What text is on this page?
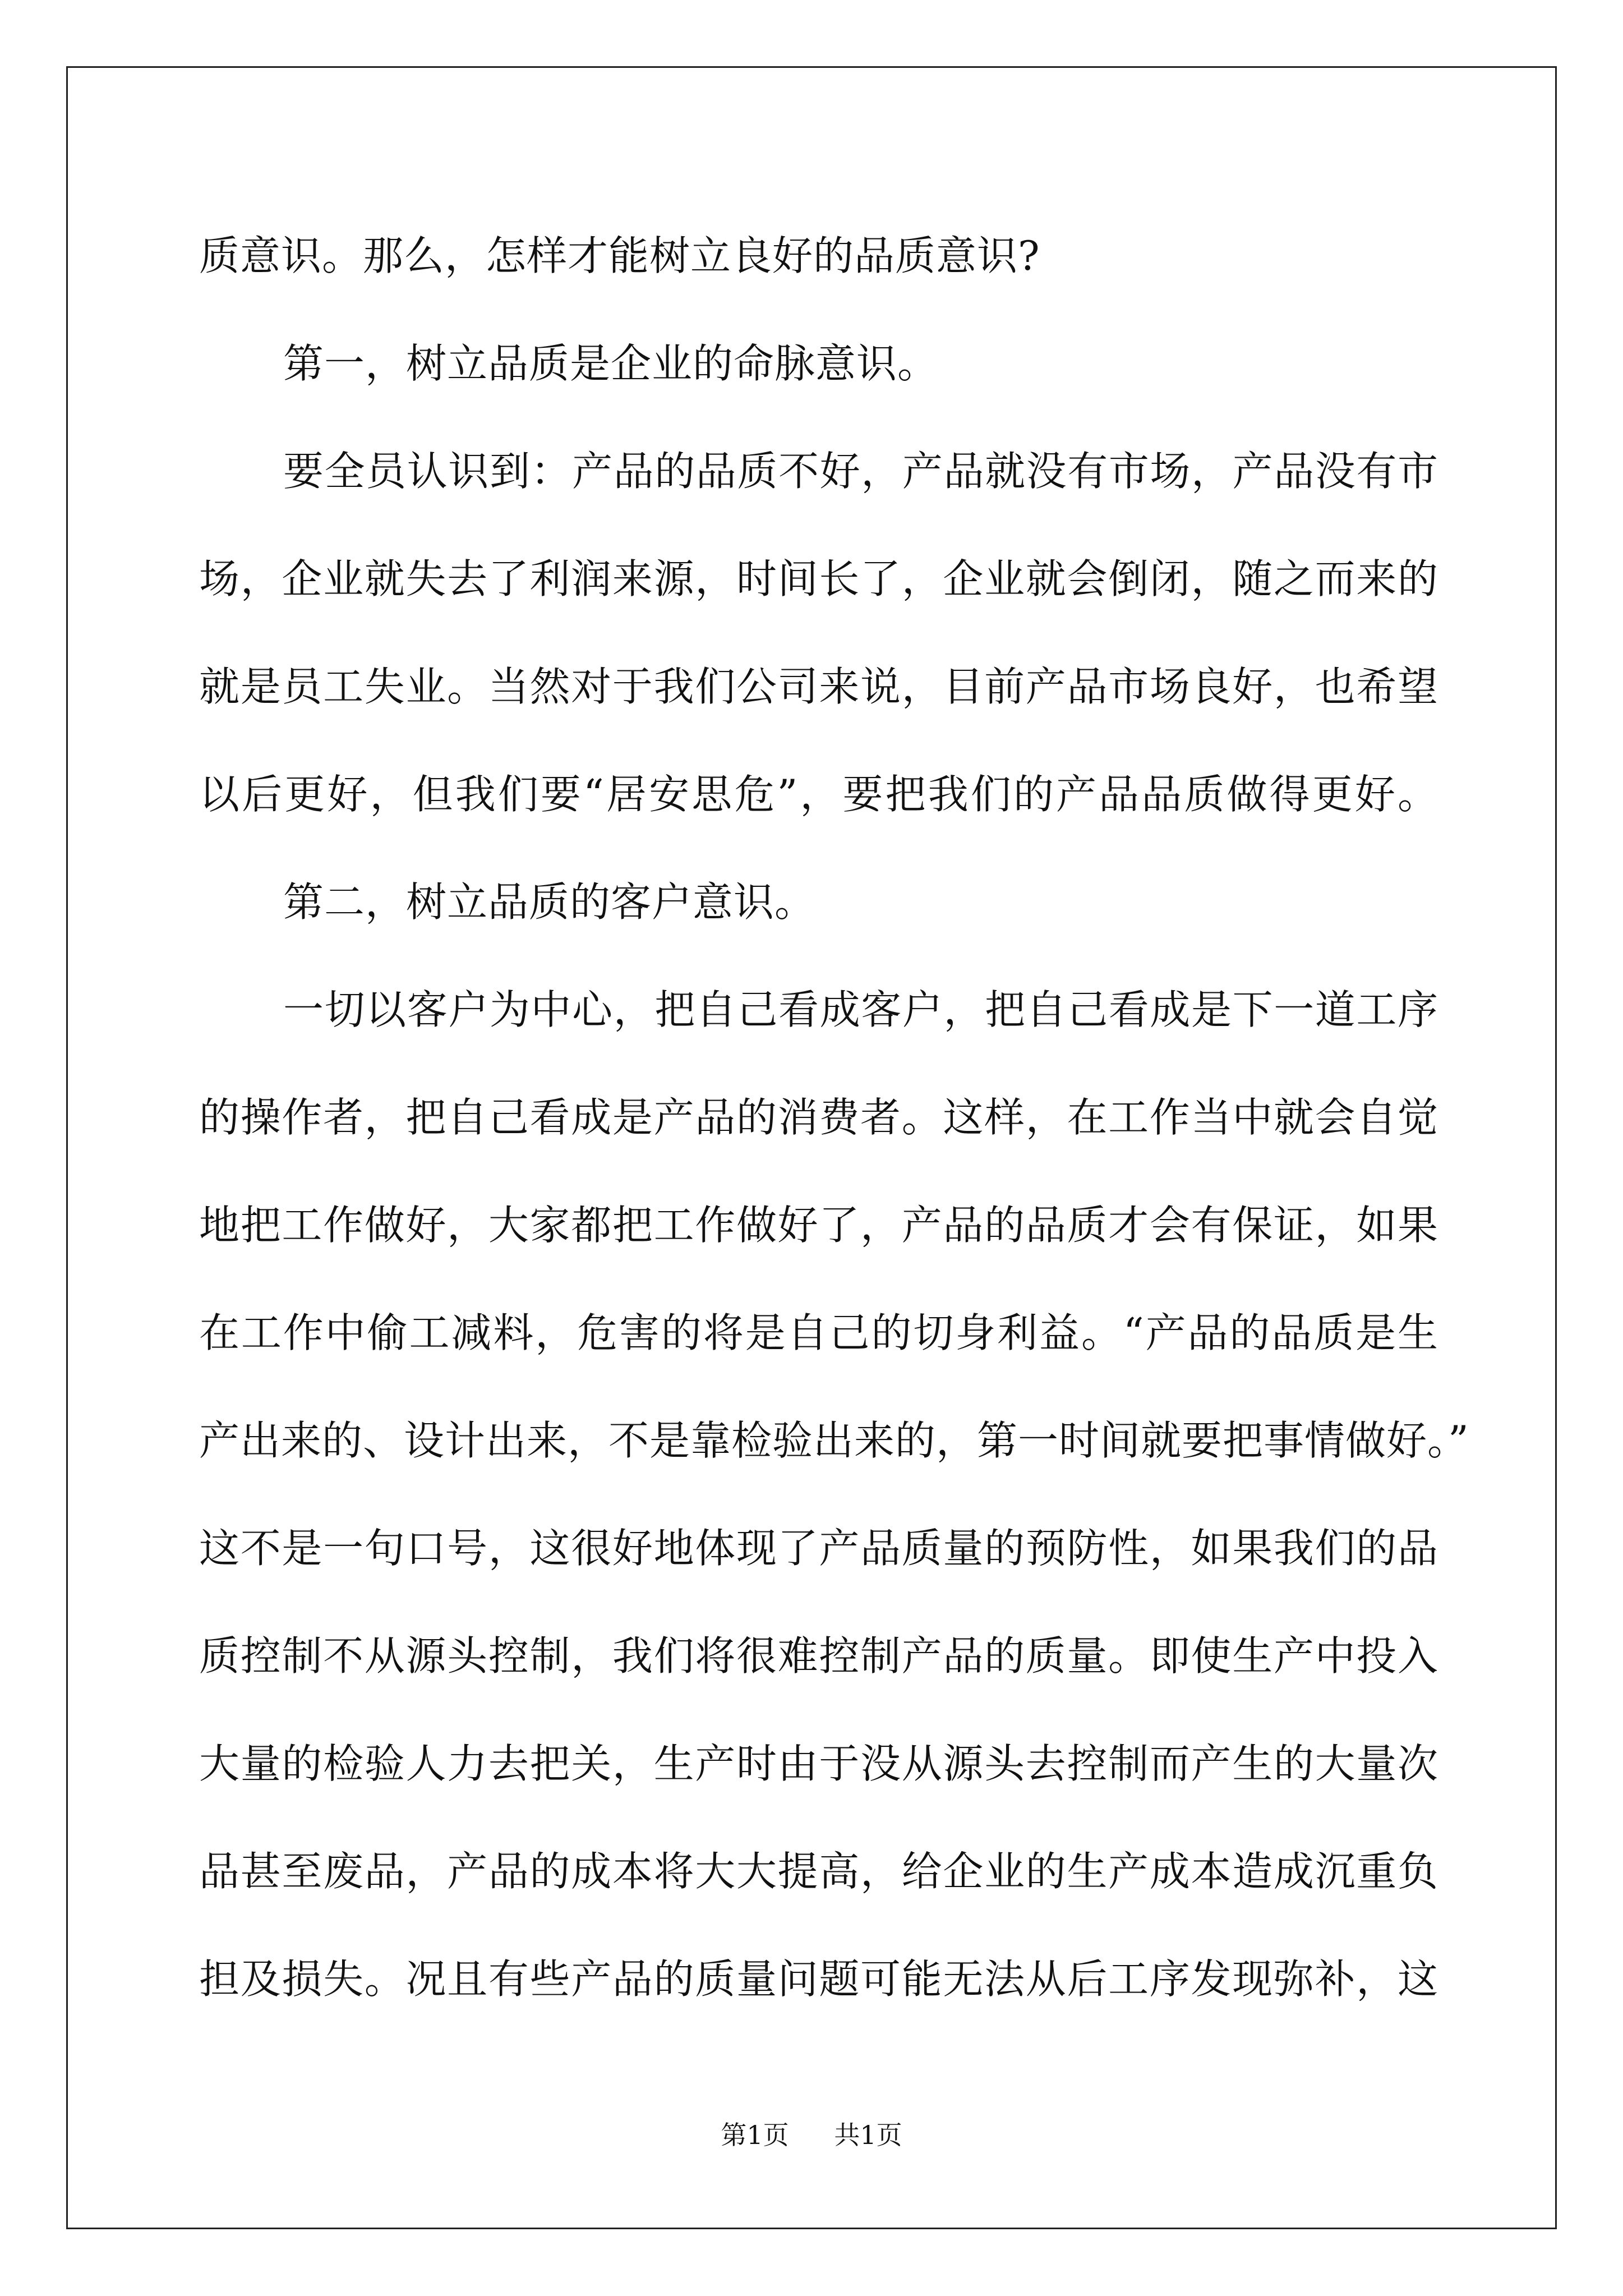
质意识。那么，怎样才能树立良好的品质意识?
第一，树立品质是企业的命脉意识。
要全员认识到：产品的品质不好，产品就没有市场，产品没有市
场，企业就失去了利润来源，时间长了，企业就会倒闭，随之而来的
就是员工失业。当然对于我们公司来说，目前产品市场良好，也希望
以后更好，但我们要“居安思危”，要把我们的产品品质做得更好。
第二，树立品质的客户意识。
一切以客户为中心，把自己看成客户，把自己看成是下一道工序
的操作者，把自己看成是产品的消费者。这样，在工作当中就会自觉
地把工作做好，大家都把工作做好了，产品的品质才会有保证，如果
在工作中偷工减料，危害的将是自己的切身利益。“产品的品质是生
产出来的、设计出来，不是靠检验出来的，第一时间就要把事情做好。”
这不是一句口号，这很好地体现了产品质量的预防性，如果我们的品
质控制不从源头控制，我们将很难控制产品的质量。即使生产中投入
大量的检验人力去把关，生产时由于没从源头去控制而产生的大量次
品甚至废品，产品的成本将大大提高，给企业的生产成本造成沉重负
担及损失。况且有些产品的质量问题可能无法从后工序发现弥补，这
第1页 共1页
